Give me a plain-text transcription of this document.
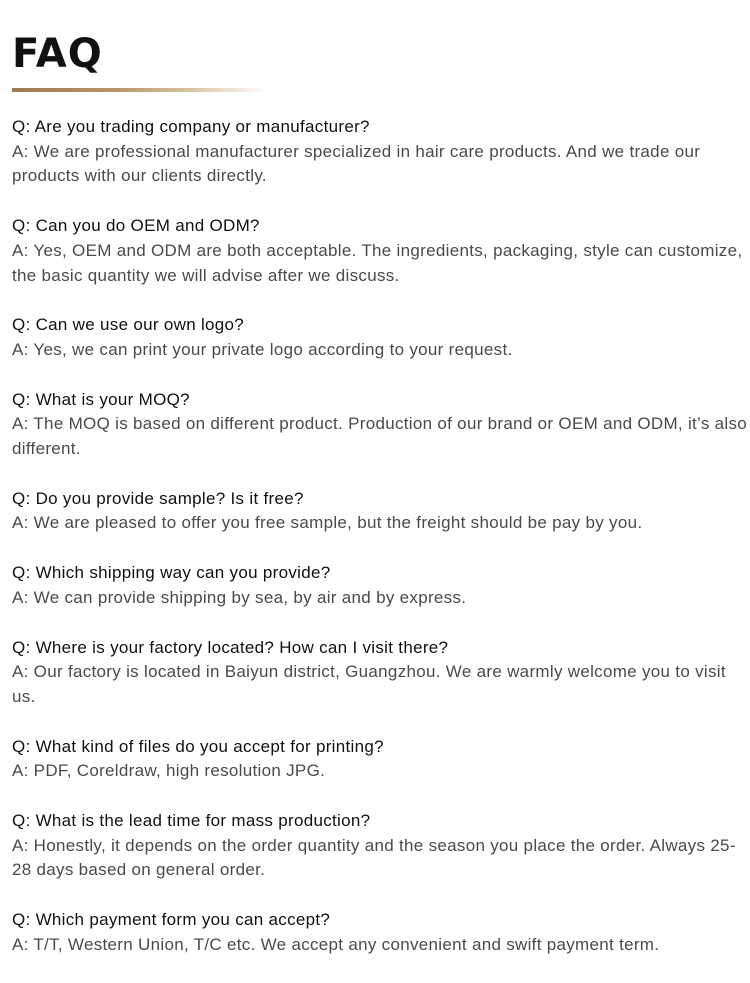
FAQ

Q: Are you trading company or manufacturer?

A: We are professional manufacturer specialized in hair care products. And we trade our products with our clients directly.

Q: Can you do OEM and ODM?

A: Yes, OEM and ODM are both acceptable. The ingredients, packaging, style can customize, the basic quantity we will advise after we discuss.

Q: Can we use our own logo?

A: Yes, we can print your private logo according to your request.

Q: What is your MOQ?

A: The MOQ is based on different product. Production of our brand or OEM and ODM, it’s also different.

Q: Do you provide sample? Is it free?

A: We are pleased to offer you free sample, but the freight should be pay by you.

Q: Which shipping way can you provide?

A: We can provide shipping by sea, by air and by express.

Q: Where is your factory located? How can I visit there?

A: Our factory is located in Baiyun district, Guangzhou. We are warmly welcome you to visit us.

Q: What kind of files do you accept for printing?

A: PDF, Coreldraw, high resolution JPG.

Q: What is the lead time for mass production?

A: Honestly, it depends on the order quantity and the season you place the order. Always 25-28 days based on general order.

Q: Which payment form you can accept?

A: T/T, Western Union, T/C etc. We accept any convenient and swift payment term.
